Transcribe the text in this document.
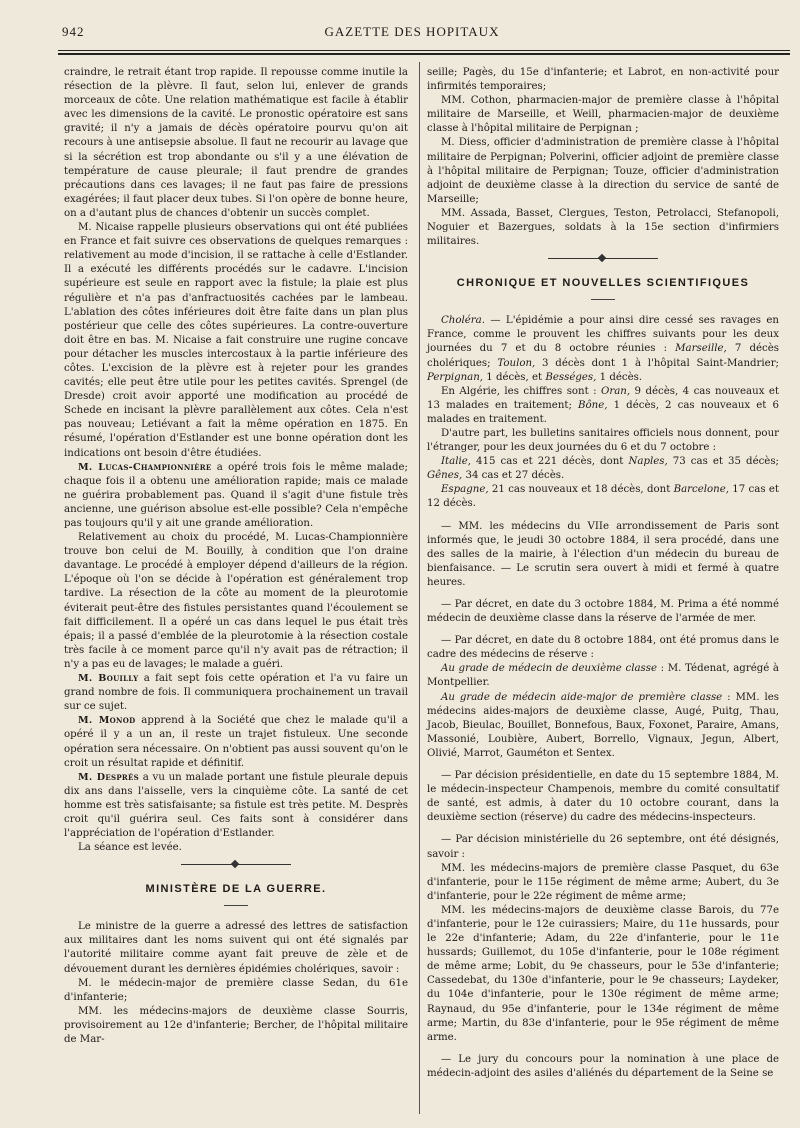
942	GAZETTE DES HOPITAUX

craindre, le retrait étant trop rapide. Il repousse comme inutile la résection de la plèvre. Il faut, selon lui, enlever de grands morceaux de côte. Une relation mathématique est facile à établir avec les dimensions de la cavité. Le pronostic opératoire est sans gravité; il n'y a jamais de décès opératoire pourvu qu'on ait recours à une antisepsie absolue. Il faut ne recourir au lavage que si la sécrétion est trop abondante ou s'il y a une élévation de température de cause pleurale; il faut prendre de grandes précautions dans ces lavages; il ne faut pas faire de pressions exagérées; il faut placer deux tubes. Si l'on opère de bonne heure, on a d'autant plus de chances d'obtenir un succès complet.

M. Nicaise rappelle plusieurs observations qui ont été publiées en France et fait suivre ces observations de quelques remarques : relativement au mode d'incision, il se rattache à celle d'Estlander. Il a exécuté les différents procédés sur le cadavre. L'incision supérieure est seule en rapport avec la fistule; la plaie est plus régulière et n'a pas d'anfractuosités cachées par le lambeau. L'ablation des côtes inférieures doit être faite dans un plan plus postérieur que celle des côtes supérieures. La contre-ouverture doit être en bas. M. Nicaise a fait construire une rugine concave pour détacher les muscles intercostaux à la partie inférieure des côtes. L'excision de la plèvre est à rejeter pour les grandes cavités; elle peut être utile pour les petites cavités. Sprengel (de Dresde) croit avoir apporté une modification au procédé de Schede en incisant la plèvre parallèlement aux côtes. Cela n'est pas nouveau; Letiévant a fait la même opération en 1875. En résumé, l'opération d'Estlander est une bonne opération dont les indications ont besoin d'être étudiées.

M. Lucas-Championnière a opéré trois fois le même malade; chaque fois il a obtenu une amélioration rapide; mais ce malade ne guérira probablement pas. Quand il s'agit d'une fistule très ancienne, une guérison absolue est-elle possible? Cela n'empêche pas toujours qu'il y ait une grande amélioration.

Relativement au choix du procédé, M. Lucas-Championnière trouve bon celui de M. Bouilly, à condition que l'on draine davantage. Le procédé à employer dépend d'ailleurs de la région. L'époque où l'on se décide à l'opération est généralement trop tardive. La résection de la côte au moment de la pleurotomie éviterait peut-être des fistules persistantes quand l'écoulement se fait difficilement. Il a opéré un cas dans lequel le pus était très épais; il a passé d'emblée de la pleurotomie à la résection costale très facile à ce moment parce qu'il n'y avait pas de rétraction; il n'y a pas eu de lavages; le malade a guéri.

M. Bouilly a fait sept fois cette opération et l'a vu faire un grand nombre de fois. Il communiquera prochainement un travail sur ce sujet.

M. Monod apprend à la Société que chez le malade qu'il a opéré il y a un an, il reste un trajet fistuleux. Une seconde opération sera nécessaire. On n'obtient pas aussi souvent qu'on le croit un résultat rapide et définitif.

M. Després a vu un malade portant une fistule pleurale depuis dix ans dans l'aisselle, vers la cinquième côte. La santé de cet homme est très satisfaisante; sa fistule est très petite. M. Desprès croit qu'il guérira seul. Ces faits sont à considérer dans l'appréciation de l'opération d'Estlander.

La séance est levée.

MINISTÈRE DE LA GUERRE.

Le ministre de la guerre a adressé des lettres de satisfaction aux militaires dant les noms suivent qui ont été signalés par l'autorité militaire comme ayant fait preuve de zèle et de dévouement durant les dernières épidémies cholériques, savoir :

M. le médecin-major de première classe Sedan, du 61e d'infanterie;

MM. les médecins-majors de deuxième classe Sourris, provisoirement au 12e d'infanterie; Bercher, de l'hôpital militaire de Mar-

seille; Pagès, du 15e d'infanterie; et Labrot, en non-activité pour infirmités temporaires;

MM. Cothon, pharmacien-major de première classe à l'hôpital militaire de Marseille, et Weill, pharmacien-major de deuxième classe à l'hôpital militaire de Perpignan ;

M. Diess, officier d'administration de première classe à l'hôpital militaire de Perpignan; Polverini, officier adjoint de première classe à l'hôpital militaire de Perpignan; Touze, officier d'administration adjoint de deuxième classe à la direction du service de santé de Marseille;

MM. Assada, Basset, Clergues, Teston, Petrolacci, Stefanopoli, Noguier et Bazergues, soldats à la 15e section d'infirmiers militaires.

CHRONIQUE ET NOUVELLES SCIENTIFIQUES

Choléra. — L'épidémie a pour ainsi dire cessé ses ravages en France, comme le prouvent les chiffres suivants pour les deux journées du 7 et du 8 octobre réunies : Marseille, 7 décès cholériques; Toulon, 3 décès dont 1 à l'hôpital Saint-Mandrier; Perpignan, 1 décès, et Bességes, 1 décès.

En Algérie, les chiffres sont : Oran, 9 décès, 4 cas nouveaux et 13 malades en traitement; Bône, 1 décès, 2 cas nouveaux et 6 malades en traitement.

D'autre part, les bulletins sanitaires officiels nous donnent, pour l'étranger, pour les deux journées du 6 et du 7 octobre :

Italie, 415 cas et 221 décès, dont Naples, 73 cas et 35 décès; Gênes, 34 cas et 27 décès.

Espagne, 21 cas nouveaux et 18 décès, dont Barcelone, 17 cas et 12 décès.

— MM. les médecins du VIIe arrondissement de Paris sont informés que, le jeudi 30 octobre 1884, il sera procédé, dans une des salles de la mairie, à l'élection d'un médecin du bureau de bienfaisance. — Le scrutin sera ouvert à midi et fermé à quatre heures.

— Par décret, en date du 3 octobre 1884, M. Prima a été nommé médecin de deuxième classe dans la réserve de l'armée de mer.

— Par décret, en date du 8 octobre 1884, ont été promus dans le cadre des médecins de réserve :

Au grade de médecin de deuxième classe : M. Tédenat, agrégé à Montpellier.

Au grade de médecin aide-major de première classe : MM. les médecins aides-majors de deuxième classe, Augé, Puitg, Thau, Jacob, Bieulac, Bouillet, Bonnefous, Baux, Foxonet, Paraire, Amans, Massonié, Loubière, Aubert, Borrello, Vignaux, Jegun, Albert, Olivié, Marrot, Gauméton et Sentex.

— Par décision présidentielle, en date du 15 septembre 1884, M. le médecin-inspecteur Champenois, membre du comité consultatif de santé, est admis, à dater du 10 octobre courant, dans la deuxième section (réserve) du cadre des médecins-inspecteurs.

— Par décision ministérielle du 26 septembre, ont été désignés, savoir :

MM. les médecins-majors de première classe Pasquet, du 63e d'infanterie, pour le 115e régiment de même arme; Aubert, du 3e d'infanterie, pour le 22e régiment de même arme;

MM. les médecins-majors de deuxième classe Barois, du 77e d'infanterie, pour le 12e cuirassiers; Maire, du 11e hussards, pour le 22e d'infanterie; Adam, du 22e d'infanterie, pour le 11e hussards; Guillemot, du 105e d'infanterie, pour le 108e régiment de même arme; Lobit, du 9e chasseurs, pour le 53e d'infanterie; Cassedebat, du 130e d'infanterie, pour le 9e chasseurs; Laydeker, du 104e d'infanterie, pour le 130e régiment de même arme; Raynaud, du 95e d'infanterie, pour le 134e régiment de même arme; Martin, du 83e d'infanterie, pour le 95e régiment de même arme.

— Le jury du concours pour la nomination à une place de médecin-adjoint des asiles d'aliénés du département de la Seine se
